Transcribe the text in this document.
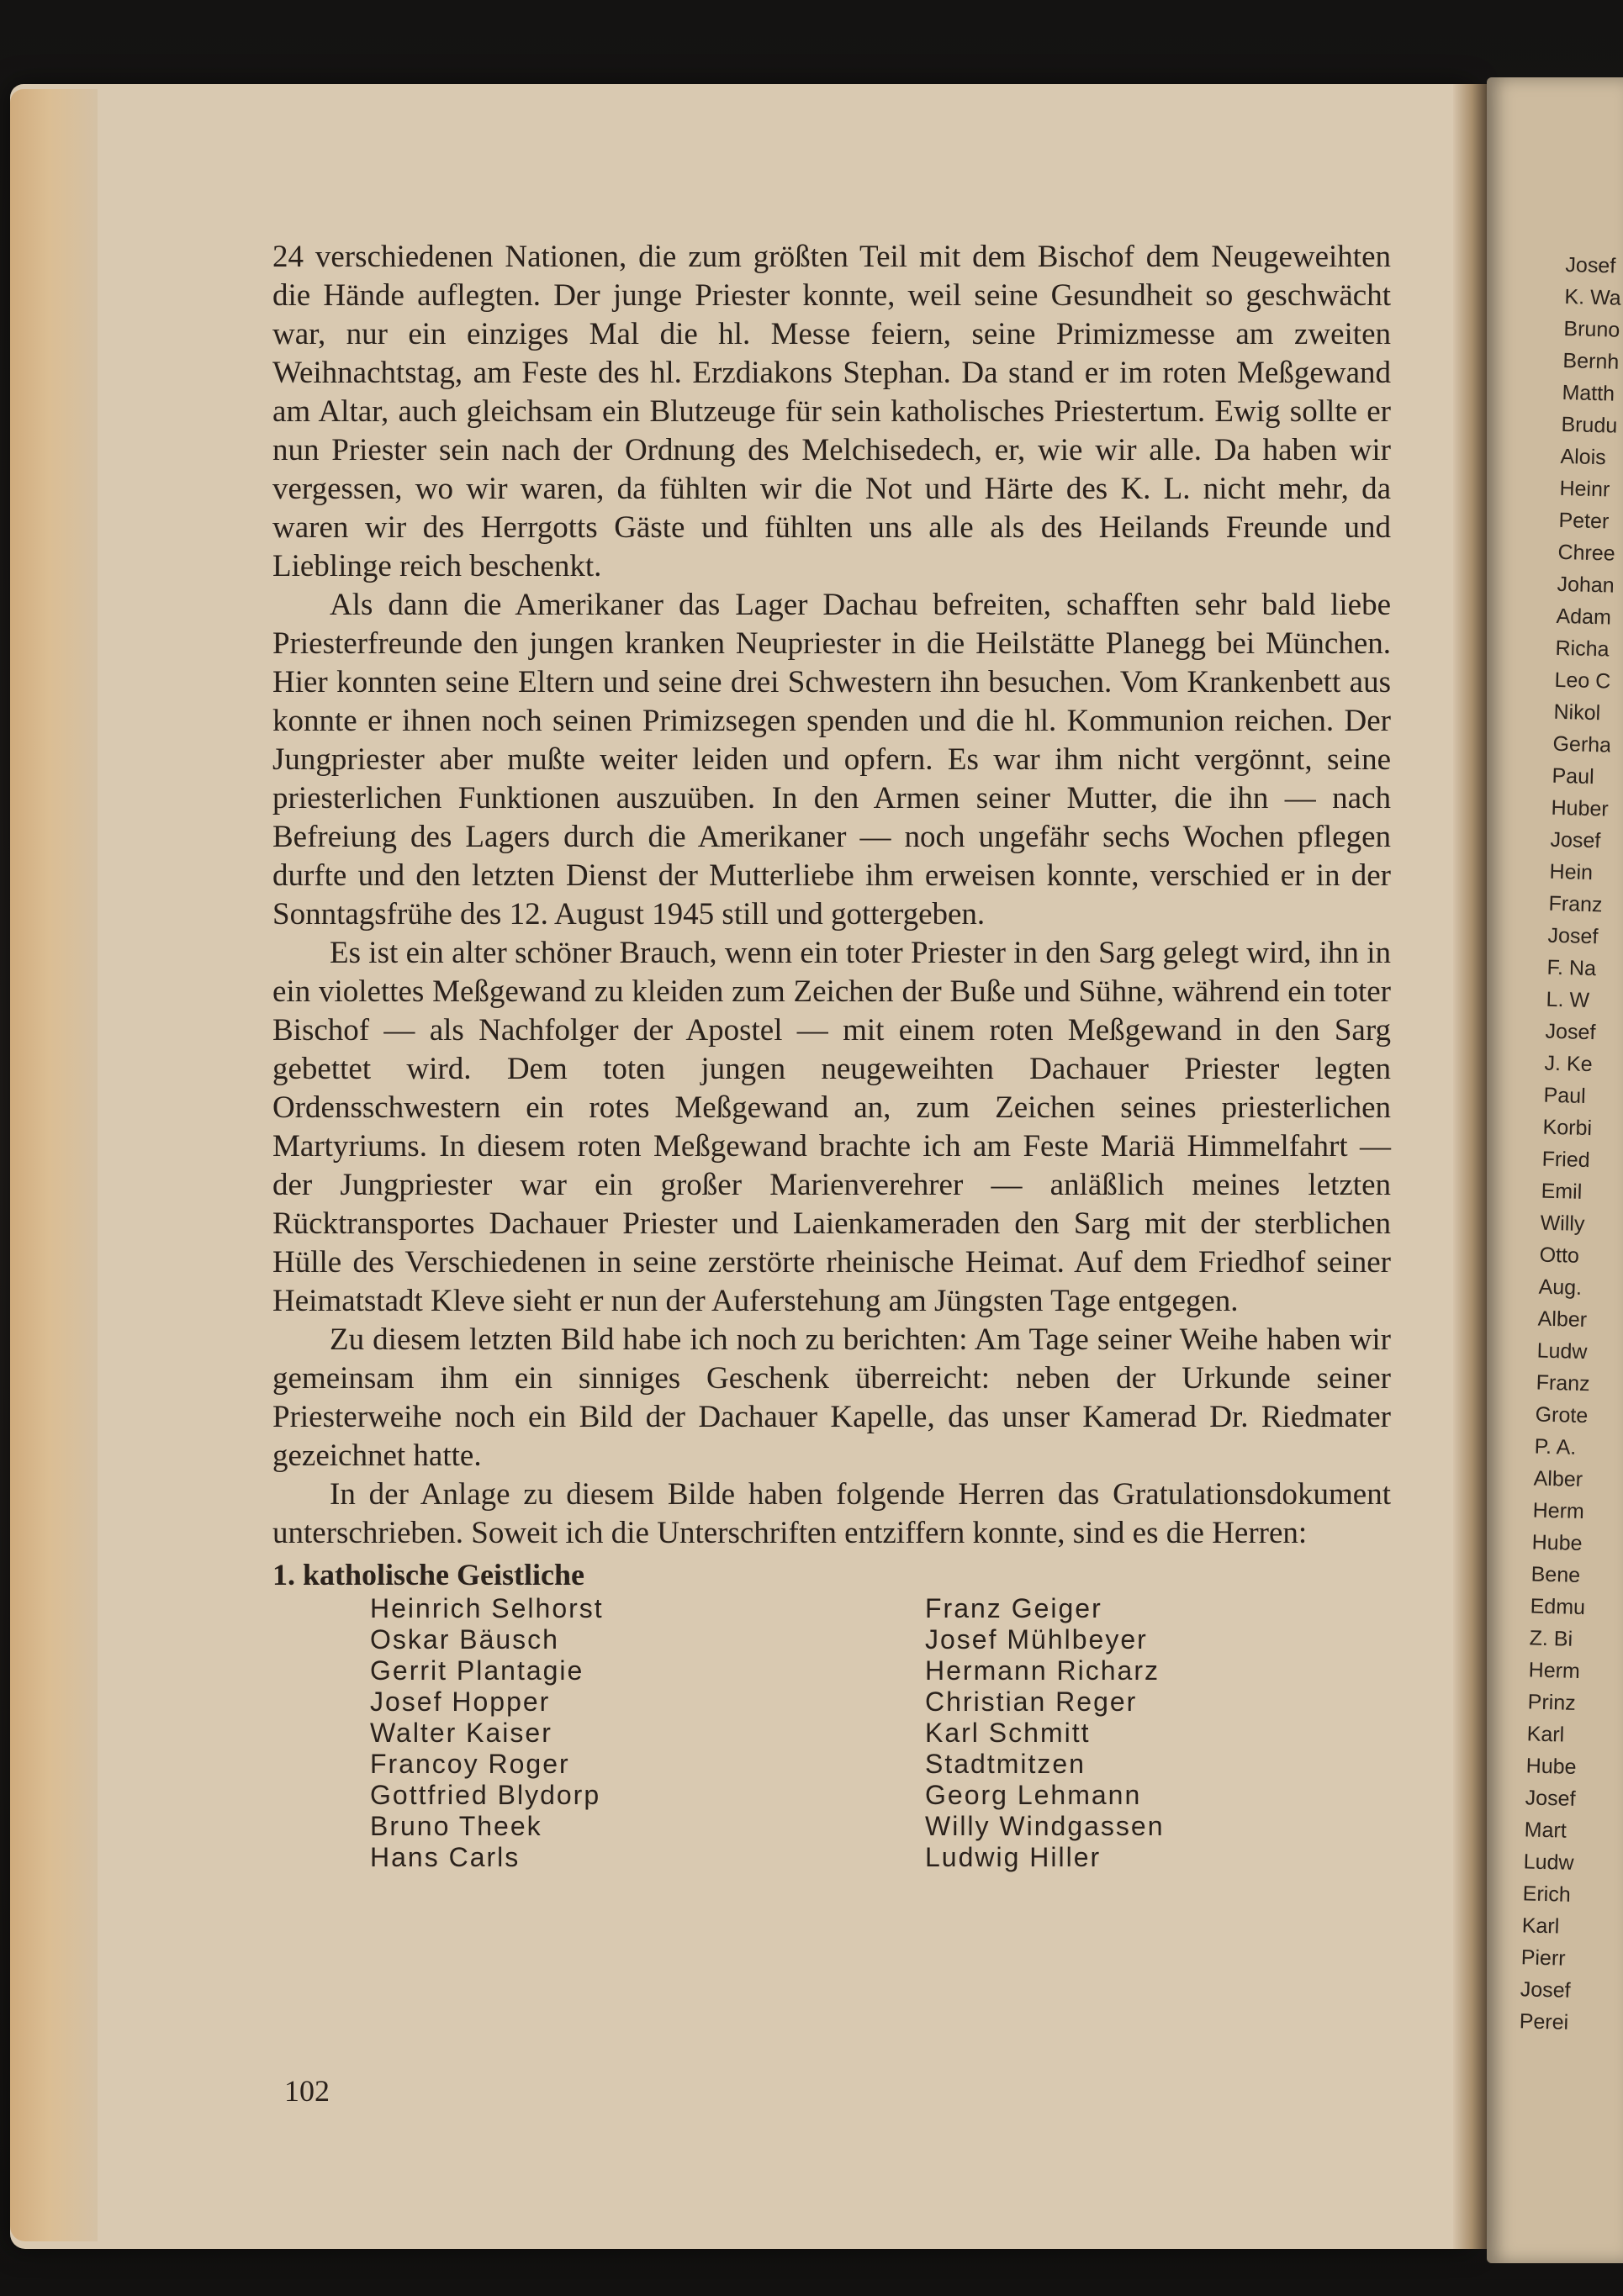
24 verschiedenen Nationen, die zum größten Teil mit dem Bischof dem Neugeweihten die Hände auflegten. Der junge Priester konnte, weil seine Gesundheit so geschwächt war, nur ein einziges Mal die hl. Messe feiern, seine Primizmesse am zweiten Weihnachtstag, am Feste des hl. Erzdiakons Stephan. Da stand er im roten Meßgewand am Altar, auch gleichsam ein Blutzeuge für sein katholisches Priestertum. Ewig sollte er nun Priester sein nach der Ordnung des Melchisedech, er, wie wir alle. Da haben wir vergessen, wo wir waren, da fühlten wir die Not und Härte des K. L. nicht mehr, da waren wir des Herrgotts Gäste und fühlten uns alle als des Heilands Freunde und Lieblinge reich beschenkt.

Als dann die Amerikaner das Lager Dachau befreiten, schafften sehr bald liebe Priesterfreunde den jungen kranken Neupriester in die Heilstätte Planegg bei München. Hier konnten seine Eltern und seine drei Schwestern ihn besuchen. Vom Krankenbett aus konnte er ihnen noch seinen Primizsegen spenden und die hl. Kommunion reichen. Der Jungpriester aber mußte weiter leiden und opfern. Es war ihm nicht vergönnt, seine priesterlichen Funktionen auszuüben. In den Armen seiner Mutter, die ihn — nach Befreiung des Lagers durch die Amerikaner — noch ungefähr sechs Wochen pflegen durfte und den letzten Dienst der Mutterliebe ihm erweisen konnte, verschied er in der Sonntagsfrühe des 12. August 1945 still und gottergeben.

Es ist ein alter schöner Brauch, wenn ein toter Priester in den Sarg gelegt wird, ihn in ein violettes Meßgewand zu kleiden zum Zeichen der Buße und Sühne, während ein toter Bischof — als Nachfolger der Apostel — mit einem roten Meßgewand in den Sarg gebettet wird. Dem toten jungen neugeweihten Dachauer Priester legten Ordensschwestern ein rotes Meßgewand an, zum Zeichen seines priesterlichen Martyriums. In diesem roten Meßgewand brachte ich am Feste Mariä Himmelfahrt — der Jungpriester war ein großer Marienverehrer — anläßlich meines letzten Rücktransportes Dachauer Priester und Laienkameraden den Sarg mit der sterblichen Hülle des Verschiedenen in seine zerstörte rheinische Heimat. Auf dem Friedhof seiner Heimatstadt Kleve sieht er nun der Auferstehung am Jüngsten Tage entgegen.

Zu diesem letzten Bild habe ich noch zu berichten: Am Tage seiner Weihe haben wir gemeinsam ihm ein sinniges Geschenk überreicht: neben der Urkunde seiner Priesterweihe noch ein Bild der Dachauer Kapelle, das unser Kamerad Dr. Riedmater gezeichnet hatte.

In der Anlage zu diesem Bilde haben folgende Herren das Gratulationsdokument unterschrieben. Soweit ich die Unterschriften entziffern konnte, sind es die Herren:

1. katholische Geistliche
Heinrich Selhorst
Oskar Bäusch
Gerrit Plantagie
Josef Hopper
Walter Kaiser
Francoy Roger
Gottfried Blydorp
Bruno Theek
Hans Carls
Franz Geiger
Josef Mühlbeyer
Hermann Richarz
Christian Reger
Karl Schmitt
Stadtmitzen
Georg Lehmann
Willy Windgassen
Ludwig Hiller
102
Josef
K. Wa
Bruno
Bernh
Matth
Brudu
Alois
Heinr
Peter
Chree
Johan
Adam
Richa
Leo C
Nikol
Gerha
Paul
Huber
Josef
Hein
Franz
Josef
F. Na
L. W
Josef
J. Ke
Paul
Korbi
Fried
Emil
Willy
Otto
Aug.
Alber
Ludw
Franz
Grote
P. A.
Alber
Herm
Hube
Bene
Edmu
Z. Bi
Herm
Prinz
Karl
Hube
Josef
Mart
Ludw
Erich
Karl
Pierr
Josef
Perei
